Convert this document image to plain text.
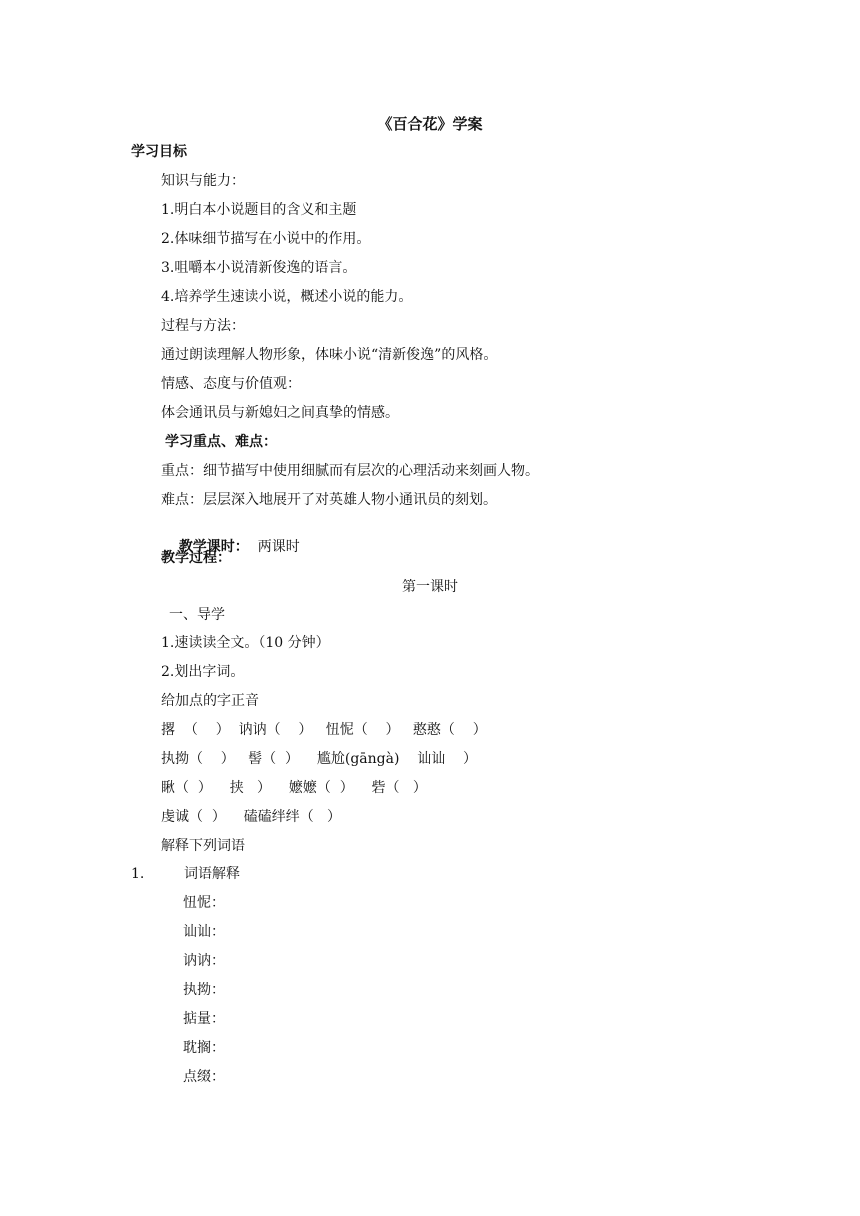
《百合花》学案
学习目标
知识与能力：
1.明白本小说题目的含义和主题
2.体味细节描写在小说中的作用。
3.咀嚼本小说清新俊逸的语言。
4.培养学生速读小说，概述小说的能力。
过程与方法：
通过朗读理解人物形象，体味小说“清新俊逸”的风格。
情感、态度与价值观：
体会通讯员与新媳妇之间真挚的情感。
学习重点、难点：
重点：细节描写中使用细腻而有层次的心理活动来刻画人物。
难点：层层深入地展开了对英雄人物小通讯员的刻划。

教学课时： 两课时

教学过程：
第一课时
一、导学
1.速读读全文。（10 分钟）
2.划出字词。
给加点的字正音
撂  （    ）  讷讷（    ）   忸怩（    ）   憨憨（    ）
执拗（    ）   髻（  ）    尴尬(gāngà)    讪讪    ）
瞅（  ）    挟   ）    嬷嬷（  ）    砦（   ）
虔诚（  ）    磕磕绊绊（   ）
解释下列词语
1.	词语解释
忸怩：
讪讪：
讷讷：
执拗：
掂量：
耽搁：
点缀：
